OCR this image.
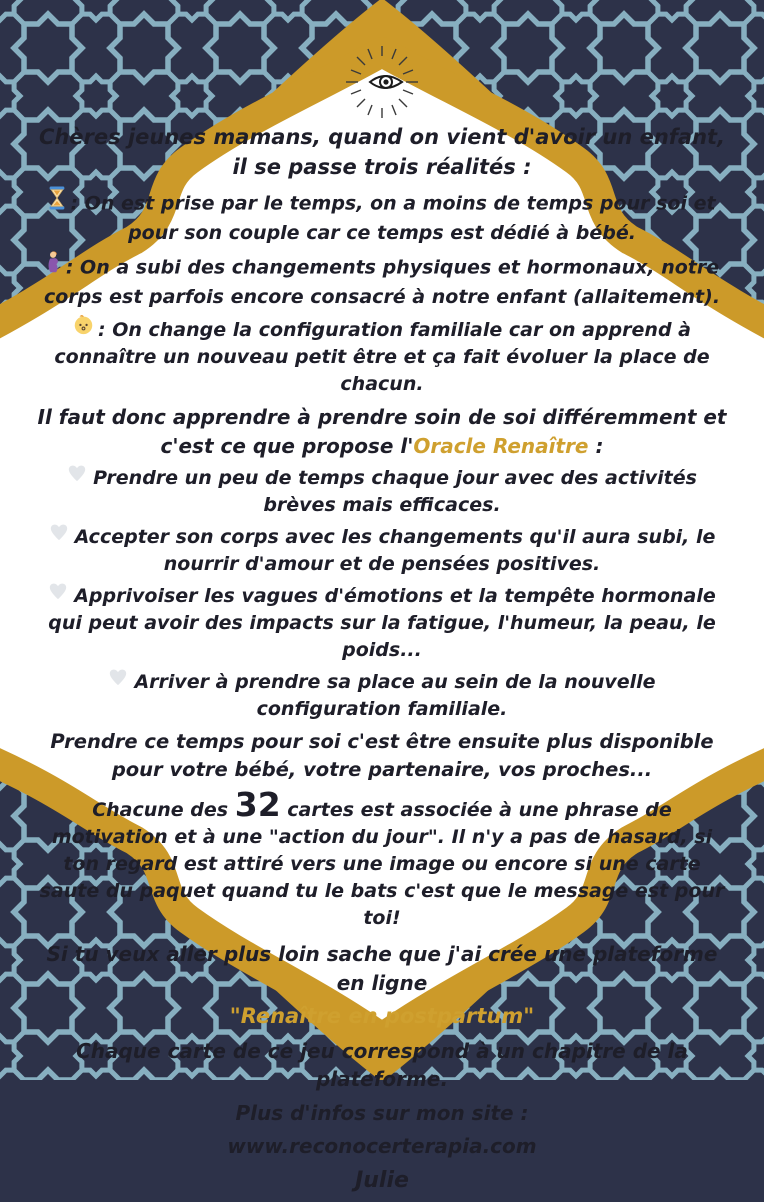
Chères jeunes mamans, quand on vient d'avoir un enfant, il se passe trois réalités :

: On est prise par le temps, on a moins de temps pour soi et pour son couple car ce temps est dédié à bébé.

: On a subi des changements physiques et hormonaux, notre corps est parfois encore consacré à notre enfant (allaitement).

: On change la configuration familiale car on apprend à connaître un nouveau petit être et ça fait évoluer la place de chacun.

Il faut donc apprendre à prendre soin de soi différemment et c'est ce que propose l'Oracle Renaître :

Prendre un peu de temps chaque jour avec des activités brèves mais efficaces.

Accepter son corps avec les changements qu'il aura subi, le nourrir d'amour et de pensées positives.

Apprivoiser les vagues d'émotions et la tempête hormonale qui peut avoir des impacts sur la fatigue, l'humeur, la peau, le poids...

Arriver à prendre sa place au sein de la nouvelle configuration familiale.

Prendre ce temps pour soi c'est être ensuite plus disponible pour votre bébé, votre partenaire, vos proches...

Chacune des 32 cartes est associée à une phrase de motivation et à une "action du jour". Il n'y a pas de hasard, si ton regard est attiré vers une image ou encore si une carte saute du paquet quand tu le bats c'est que le message est pour toi!

Si tu veux aller plus loin sache que j'ai crée une plateforme en ligne

"Renaître en postpartum"

Chaque carte de ce jeu correspond à un chapitre de la plateforme.

Plus d'infos sur mon site :

www.reconocerterapia.com

Julie
